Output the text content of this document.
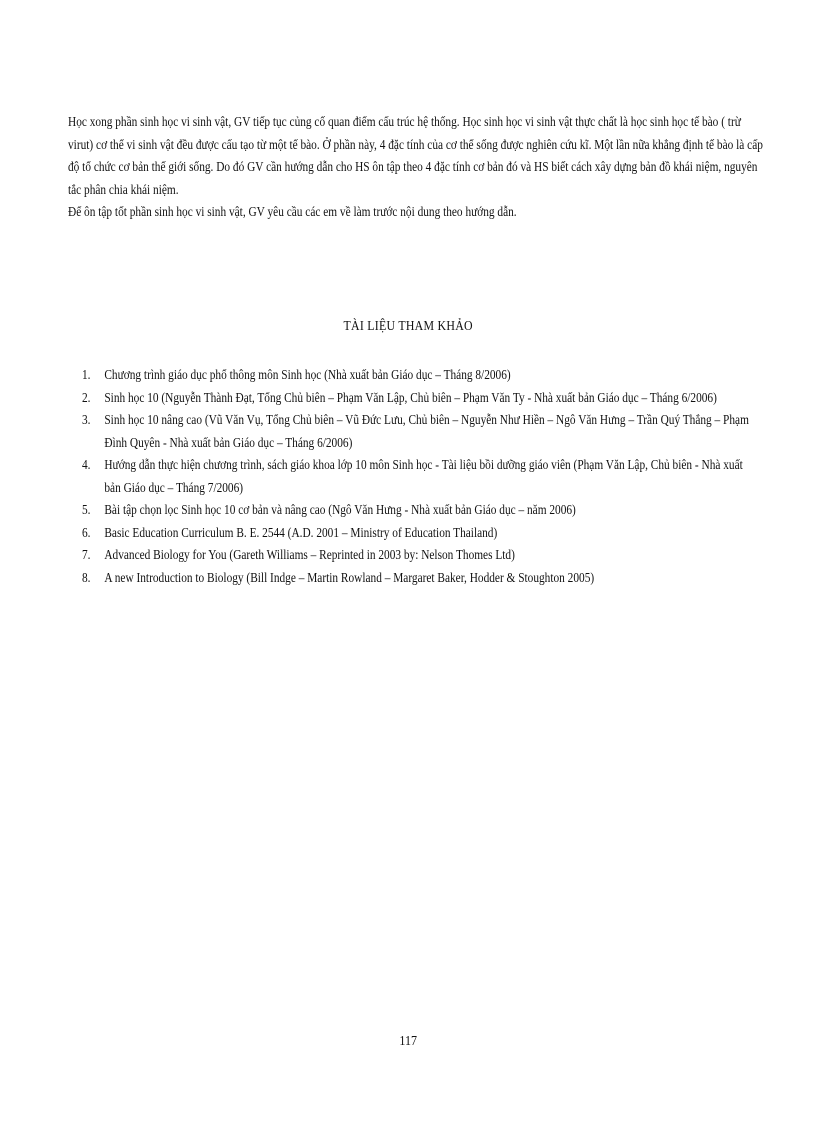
Học xong phần sinh học vi sinh vật, GV tiếp tục củng cố quan điểm cấu trúc hệ thống. Học sinh học vi sinh vật thực chất là học sinh học tế bào ( trừ virut) cơ thể vi sinh vật đều được cấu tạo từ một tế bào. Ở phần này, 4 đặc tính của cơ thể sống được nghiên cứu kĩ. Một lần nữa khẳng định tế bào là cấp độ tổ chức cơ bản thế giới sống. Do đó GV cần hướng dẫn cho HS ôn tập theo 4 đặc tính cơ bản đó và HS biết cách xây dựng bản đồ khái niệm, nguyên tắc phân chia khái niệm.

Để ôn tập tốt phần sinh học vi sinh vật, GV yêu cầu các em về làm trước nội dung theo hướng dẫn.

TÀI LIỆU THAM KHẢO
1. Chương trình giáo dục phổ thông môn Sinh học (Nhà xuất bản Giáo dục – Tháng 8/2006)
2. Sinh học 10 (Nguyễn Thành Đạt, Tổng Chủ biên – Phạm Văn Lập, Chủ biên – Phạm Văn Ty - Nhà xuất bản Giáo dục – Tháng 6/2006)
3. Sinh học 10 nâng cao (Vũ Văn Vụ, Tổng Chủ biên – Vũ Đức Lưu, Chủ biên – Nguyễn Như Hiền – Ngô Văn Hưng – Trần Quý Thắng – Phạm Đình Quyên - Nhà xuất bản Giáo dục – Tháng 6/2006)
4. Hướng dẫn thực hiện chương trình, sách giáo khoa lớp 10 môn Sinh học - Tài liệu bồi dưỡng giáo viên (Phạm Văn Lập, Chủ biên - Nhà xuất bản Giáo dục – Tháng 7/2006)
5. Bài tập chọn lọc Sinh học 10 cơ bản và nâng cao (Ngô Văn Hưng - Nhà xuất bản Giáo dục – năm 2006)
6. Basic Education Curriculum B. E. 2544 (A.D. 2001 – Ministry of Education Thailand)
7. Advanced Biology for You (Gareth Williams – Reprinted in 2003 by: Nelson Thomes Ltd)
8. A new Introduction to Biology (Bill Indge – Martin Rowland – Margaret Baker, Hodder & Stoughton 2005)
117
